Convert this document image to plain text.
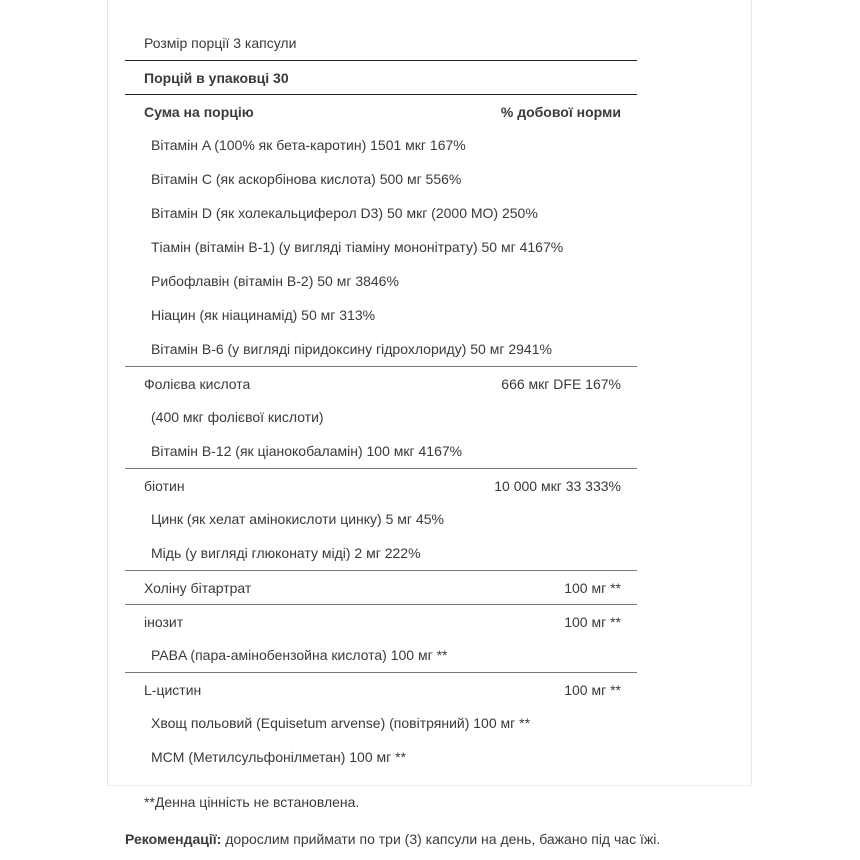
Розмір порції 3 капсули
Порцій в упаковці 30
Сума на порцію	% добової норми
Вітамін A (100% як бета-каротин) 1501 мкг 167%
Вітамін C (як аскорбінова кислота) 500 мг 556%
Вітамін D (як холекальциферол D3) 50 мкг (2000 МО) 250%
Тіамін (вітамін B-1) (у вигляді тіаміну мононітрату) 50 мг 4167%
Рибофлавін (вітамін B-2) 50 мг 3846%
Ніацин (як ніацинамід) 50 мг 313%
Вітамін B-6 (у вигляді піридоксину гідрохлориду) 50 мг 2941%
Фолієва кислота	666 мкг DFE 167%
(400 мкг фолієвої кислоти)
Вітамін B-12 (як ціанокобаламін) 100 мкг 4167%
біотин	10 000 мкг 33 333%
Цинк (як хелат амінокислоти цинку) 5 мг 45%
Мідь (у вигляді глюконату міді) 2 мг 222%
Холіну бітартрат	100 мг **
інозит	100 мг **
PABA (пара-амінобензойна кислота) 100 мг **
L-цистин	100 мг **
Хвощ польовий (Equisetum arvense) (повітряний) 100 мг **
MCM (Метилсульфонілметан) 100 мг **
**Денна цінність не встановлена.
Рекомендації: дорослим приймати по три (3) капсули на день, бажано під час їжі.
